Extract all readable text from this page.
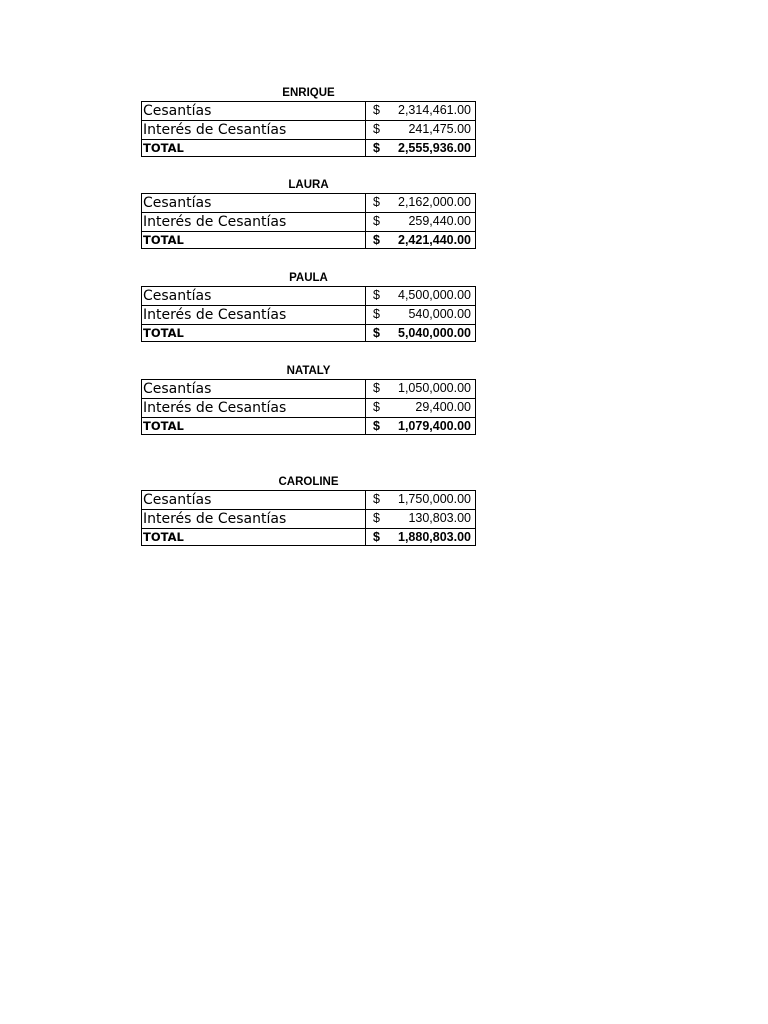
ENRIQUE
Cesantías	$ 2,314,461.00

Interés de Cesantías	$ 241,475.00

TOTAL	$ 2,555,936.00
LAURA
Cesantías	$ 2,162,000.00

Interés de Cesantías	$ 259,440.00

TOTAL	$ 2,421,440.00
PAULA
Cesantías	$ 4,500,000.00

Interés de Cesantías	$ 540,000.00

TOTAL	$ 5,040,000.00
NATALY
Cesantías	$ 1,050,000.00

Interés de Cesantías	$ 29,400.00

TOTAL	$ 1,079,400.00
CAROLINE
Cesantías	$ 1,750,000.00

Interés de Cesantías	$ 130,803.00

TOTAL	$ 1,880,803.00
